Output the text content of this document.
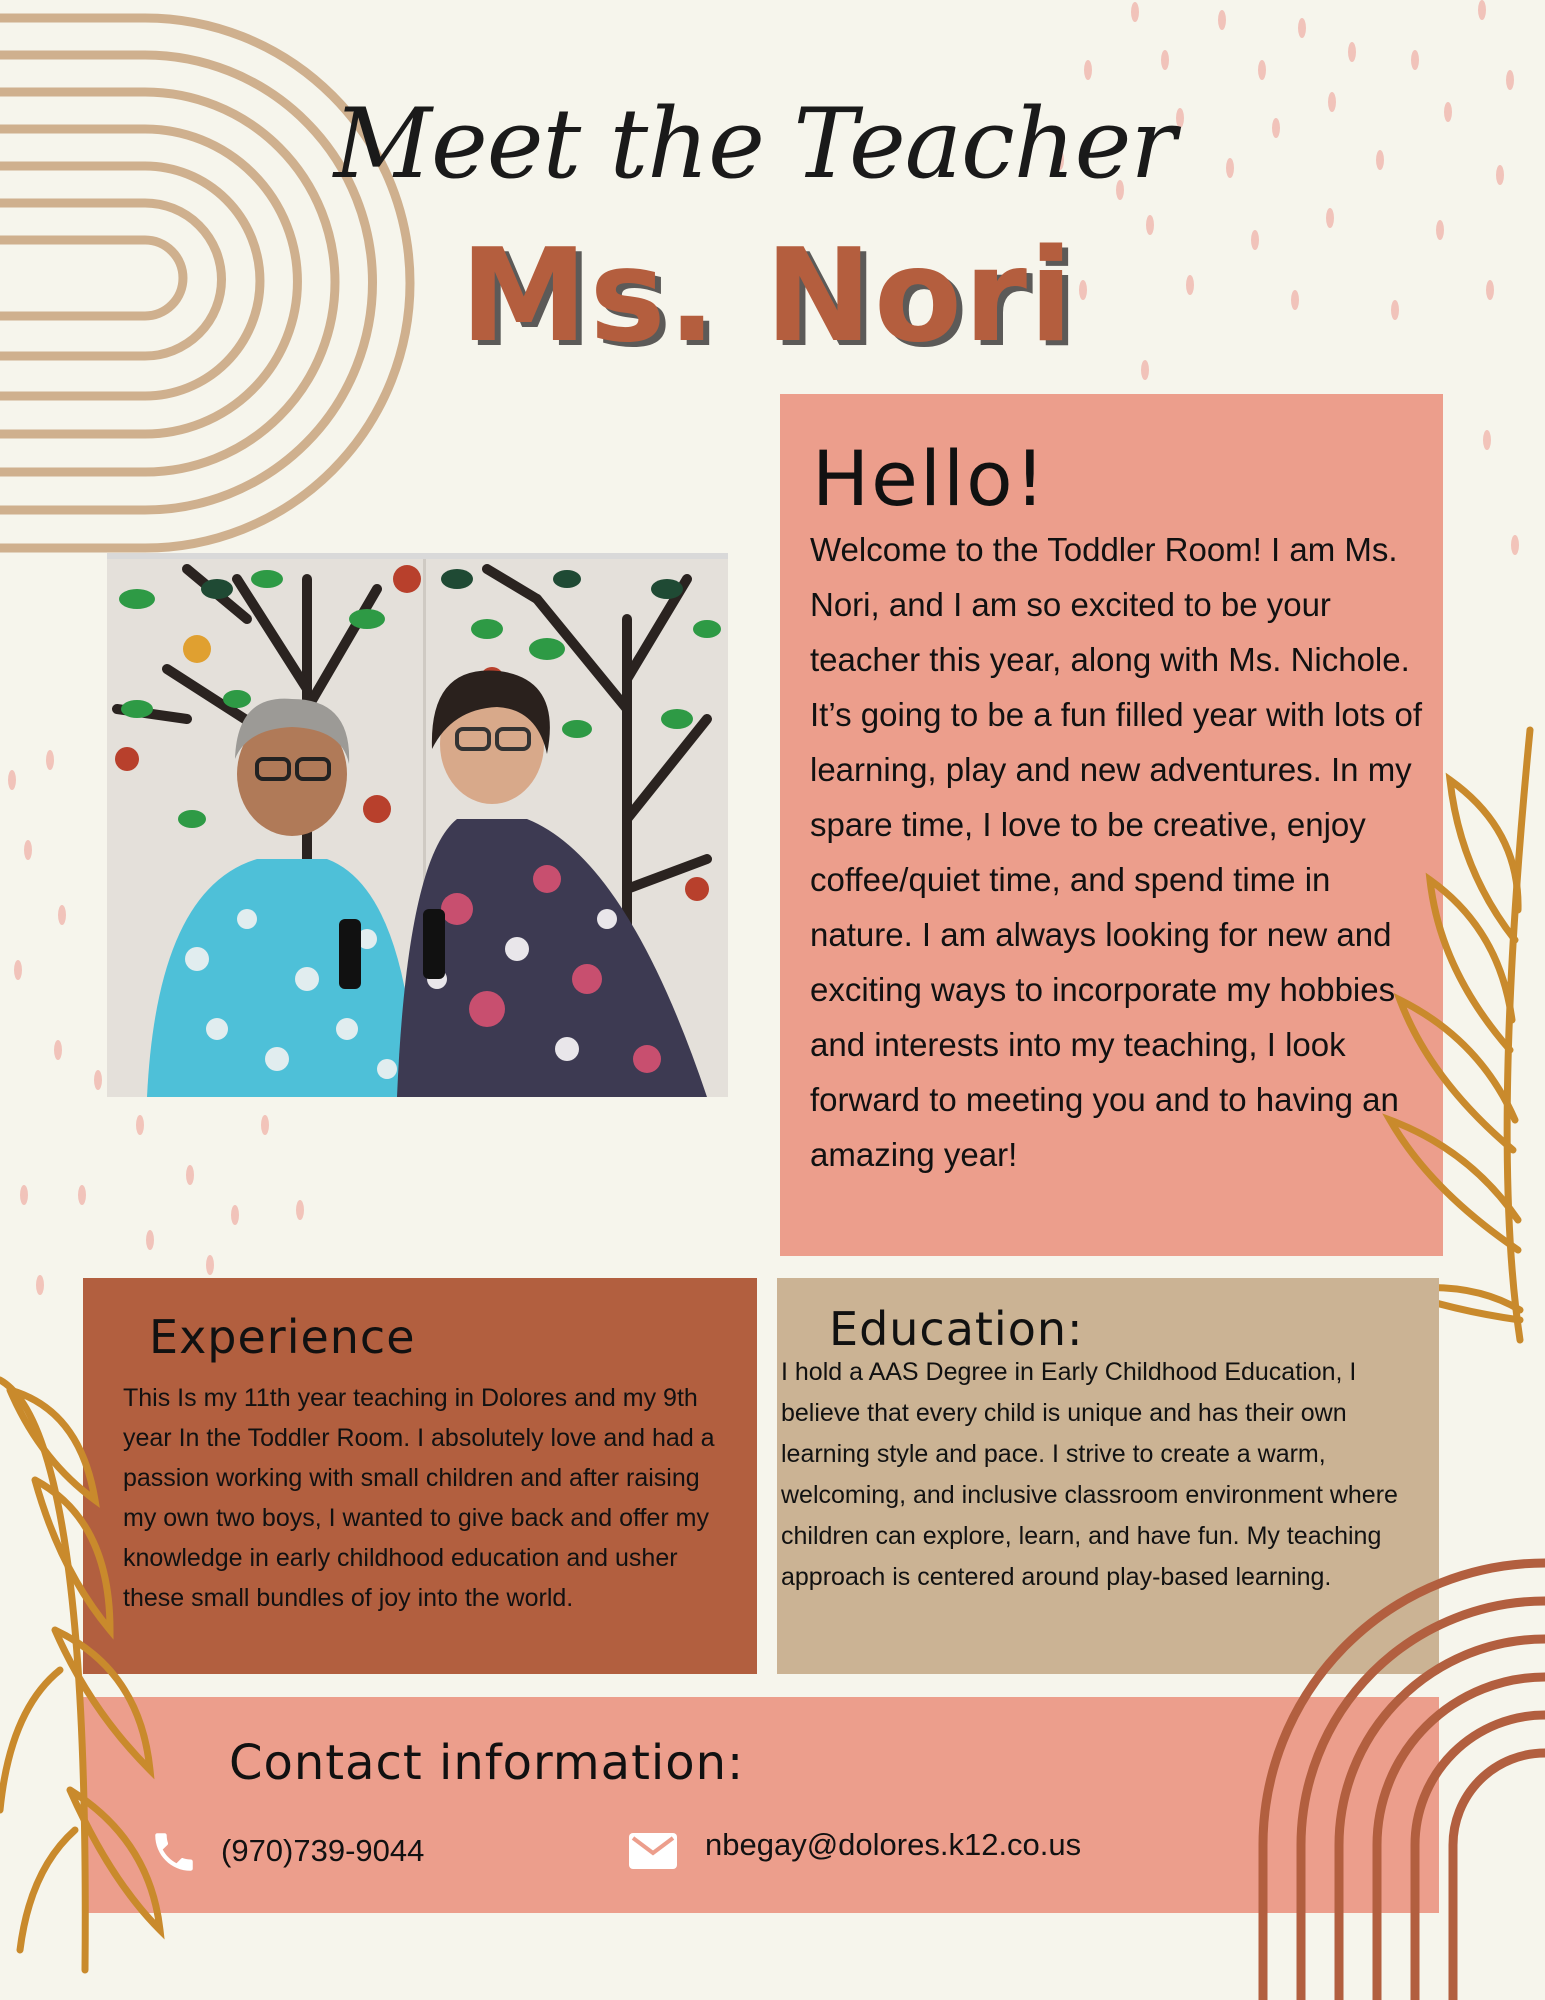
Meet the Teacher
Ms. Nori
Hello!
Welcome to the Toddler Room! I am Ms. Nori, and I am so excited to be your teacher this year, along with Ms. Nichole. It’s going to be a fun filled year with lots of learning, play and new adventures. In my spare time, I love to be creative, enjoy coffee/quiet time, and spend time in nature. I am always looking for new and exciting ways to incorporate my hobbies and interests into my teaching, I look forward to meeting you and to having an amazing year!
Experience
This Is my 11th year teaching in Dolores and my 9th year In the Toddler Room. I absolutely love and had a passion working with small children and after raising my own two boys, I wanted to give back and offer my knowledge in early childhood education and usher these small bundles of joy into the world.
Education:
I hold a AAS Degree in Early Childhood Education, I believe that every child is unique and has their own learning style and pace. I strive to create a warm, welcoming, and inclusive classroom environment where children can explore, learn, and have fun. My teaching approach is centered around play-based learning.
Contact information:
(970)739-9044	nbegay@dolores.k12.co.us
